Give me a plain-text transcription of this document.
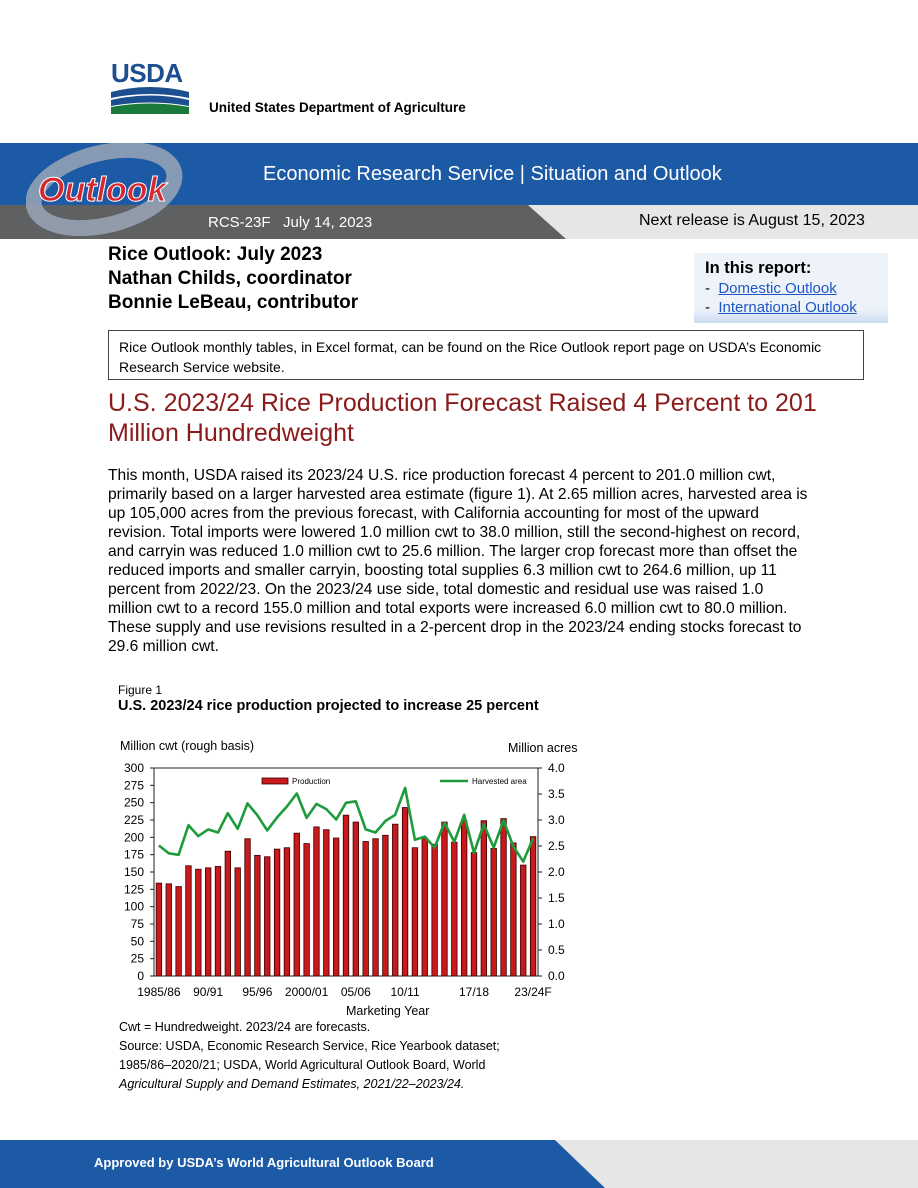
USDA
United States Department of Agriculture
Economic Research Service | Situation and Outlook
RCS-23F   July 14, 2023	Next release is August 15, 2023
Outlook
Rice Outlook: July 2023
Nathan Childs, coordinator
Bonnie LeBeau, contributor
In this report:
-  Domestic Outlook
-  International Outlook
Rice Outlook monthly tables, in Excel format, can be found on the Rice Outlook report page on USDA’s Economic Research Service website.
U.S. 2023/24 Rice Production Forecast Raised 4 Percent to 201 Million Hundredweight
This month, USDA raised its 2023/24 U.S. rice production forecast 4 percent to 201.0 million cwt, primarily based on a larger harvested area estimate (figure 1). At 2.65 million acres, harvested area is up 105,000 acres from the previous forecast, with California accounting for most of the upward revision. Total imports were lowered 1.0 million cwt to 38.0 million, still the second-highest on record, and carryin was reduced 1.0 million cwt to 25.6 million. The larger crop forecast more than offset the reduced imports and smaller carryin, boosting total supplies 6.3 million cwt to 264.6 million, up 11 percent from 2022/23. On the 2023/24 use side, total domestic and residual use was raised 1.0 million cwt to a record 155.0 million and total exports were increased 6.0 million cwt to 80.0 million. These supply and use revisions resulted in a 2-percent drop in the 2023/24 ending stocks forecast to 29.6 million cwt.
Figure 1
U.S. 2023/24 rice production projected to increase 25 percent
Million cwt (rough basis)	Million acres
0
25
50
75
100
125
150
175
200
225
250
275
300
0.0
0.5
1.0
1.5
2.0
2.5
3.0
3.5
4.0
1985/86 90/91 95/96 2000/01 05/06 10/11	17/18 23/24F
Production	Harvested area
Marketing Year
Cwt = Hundredweight. 2023/24 are forecasts.
Source: USDA, Economic Research Service, Rice Yearbook dataset;
1985/86–2020/21; USDA, World Agricultural Outlook Board, World
Agricultural Supply and Demand Estimates, 2021/22–2023/24.
Approved by USDA’s World Agricultural Outlook Board
